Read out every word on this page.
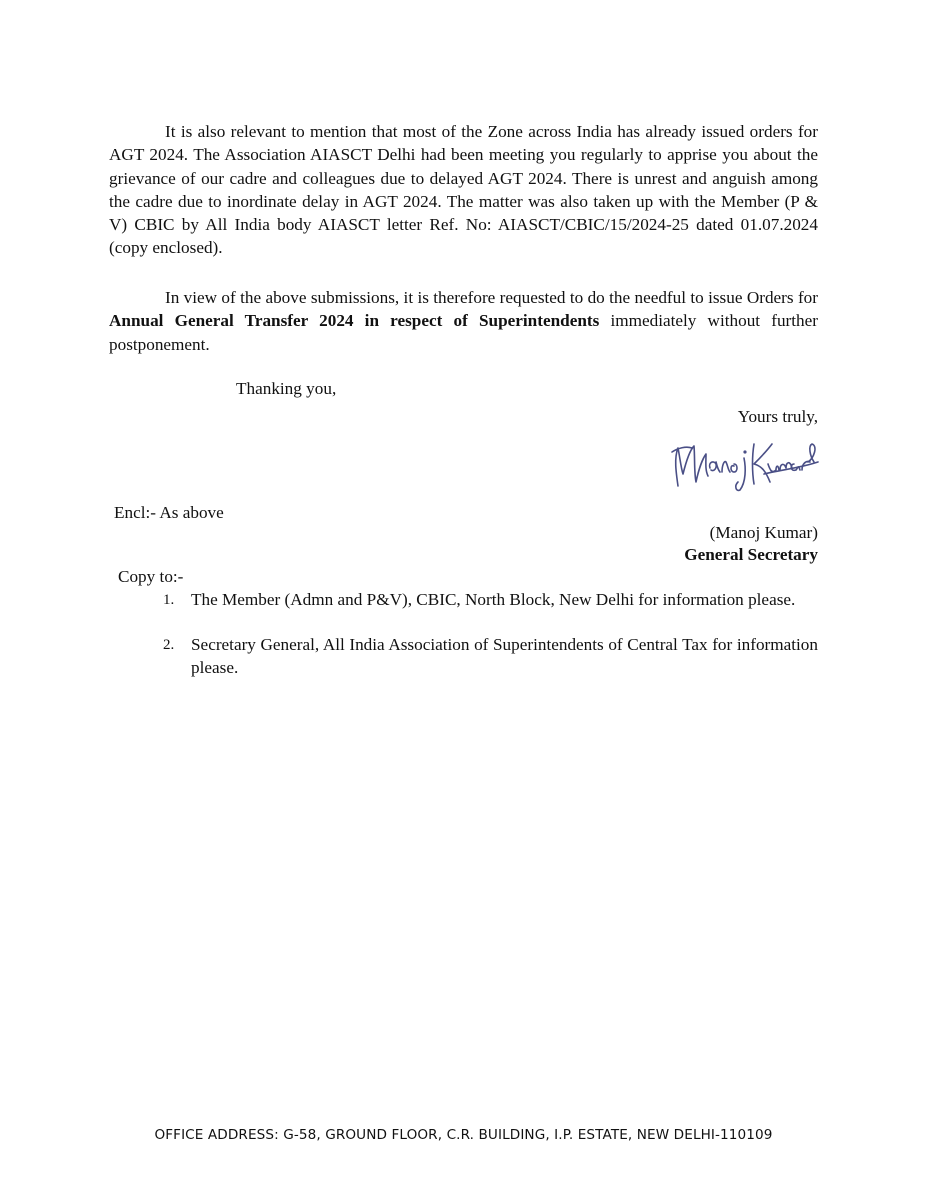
It is also relevant to mention that most of the Zone across India has already issued orders for AGT 2024. The Association AIASCT Delhi had been meeting you regularly to apprise you about the grievance of our cadre and colleagues due to delayed AGT 2024. There is unrest and anguish among the cadre due to inordinate delay in AGT 2024. The matter was also taken up with the Member (P & V) CBIC by All India body AIASCT letter Ref. No: AIASCT/CBIC/15/2024-25 dated 01.07.2024 (copy enclosed).

In view of the above submissions, it is therefore requested to do the needful to issue Orders for Annual General Transfer 2024 in respect of Superintendents immediately without further postponement.

Thanking you,
Yours truly,
Encl:- As above
(Manoj Kumar)
General Secretary
Copy to:-
1. The Member (Admn and P&V), CBIC, North Block, New Delhi for information please.
2. Secretary General, All India Association of Superintendents of Central Tax for information please.
OFFICE ADDRESS: G-58, GROUND FLOOR, C.R. BUILDING, I.P. ESTATE, NEW DELHI-110109
